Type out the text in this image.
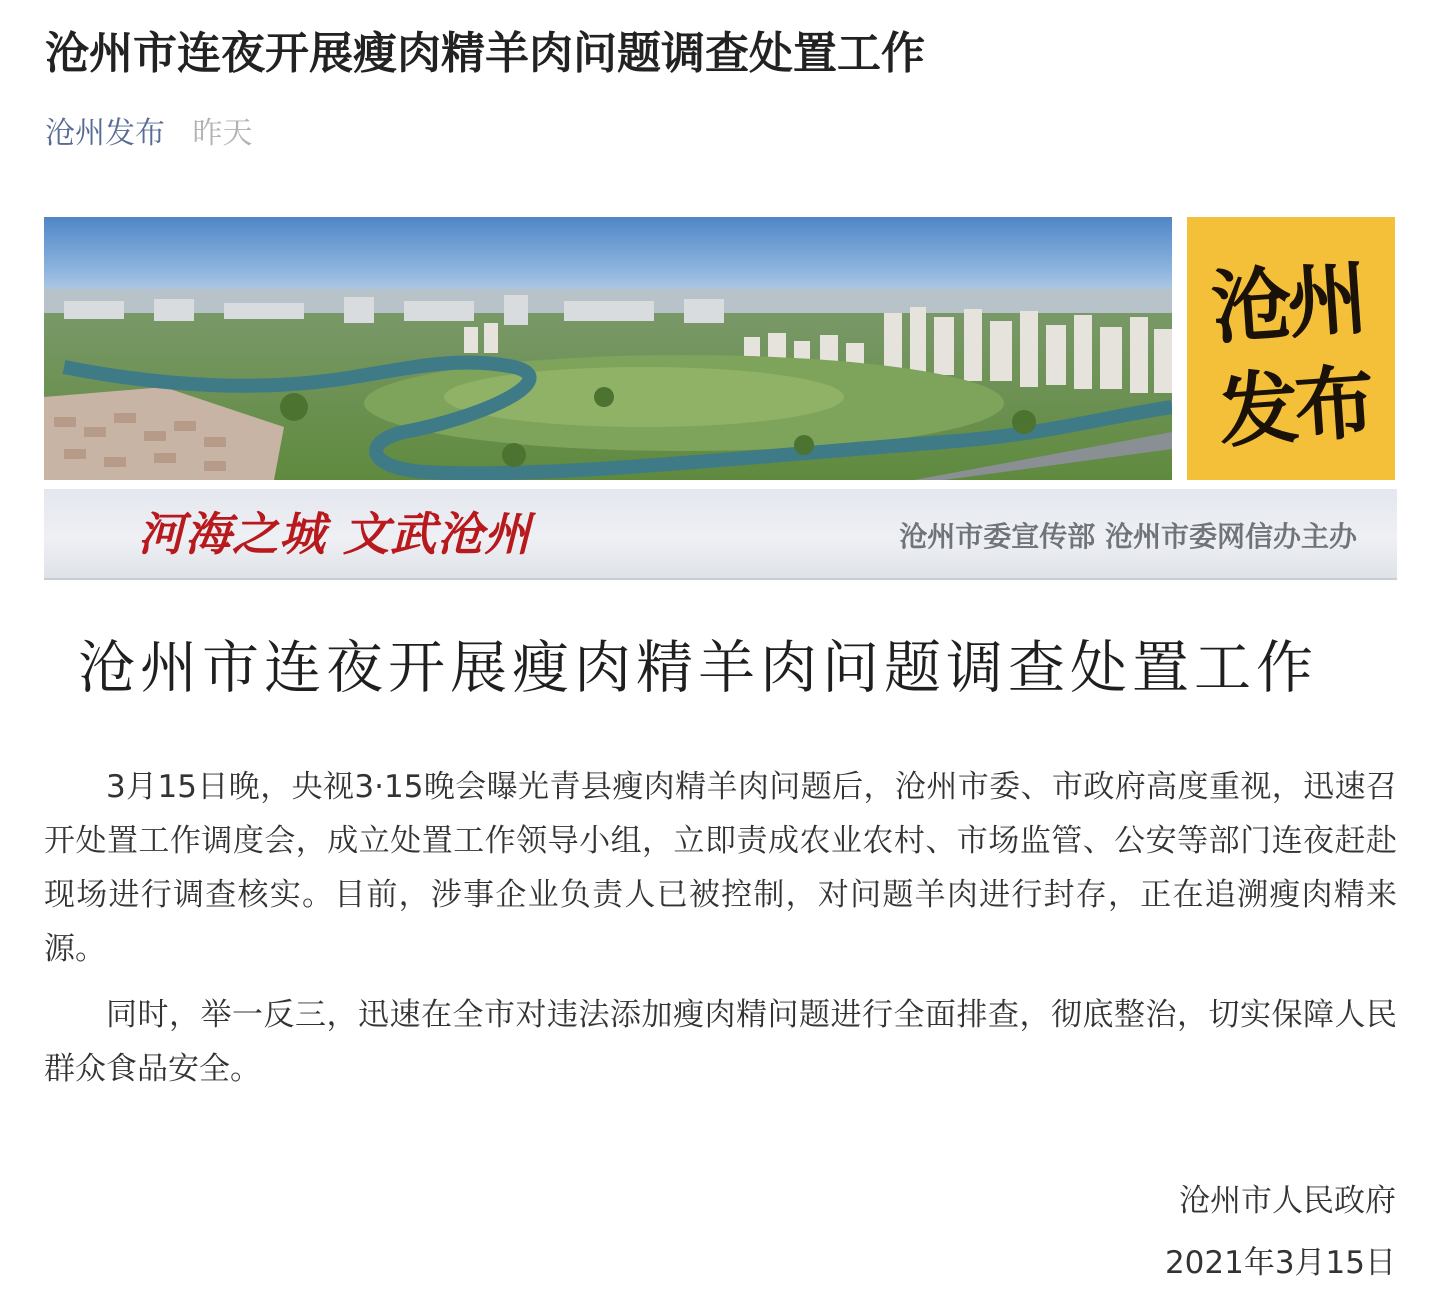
沧州市连夜开展瘦肉精羊肉问题调查处置工作
沧州发布 昨天
沧州发布
河海之城 文武沧州	沧州市委宣传部 沧州市委网信办主办
沧州市连夜开展瘦肉精羊肉问题调查处置工作

3月15日晚，央视3·15晚会曝光青县瘦肉精羊肉问题后，沧州市委、市政府高度重视，迅速召开处置工作调度会，成立处置工作领导小组，立即责成农业农村、市场监管、公安等部门连夜赶赴现场进行调查核实。目前，涉事企业负责人已被控制，对问题羊肉进行封存，正在追溯瘦肉精来源。

同时，举一反三，迅速在全市对违法添加瘦肉精问题进行全面排查，彻底整治，切实保障人民群众食品安全。

沧州市人民政府
2021年3月15日
